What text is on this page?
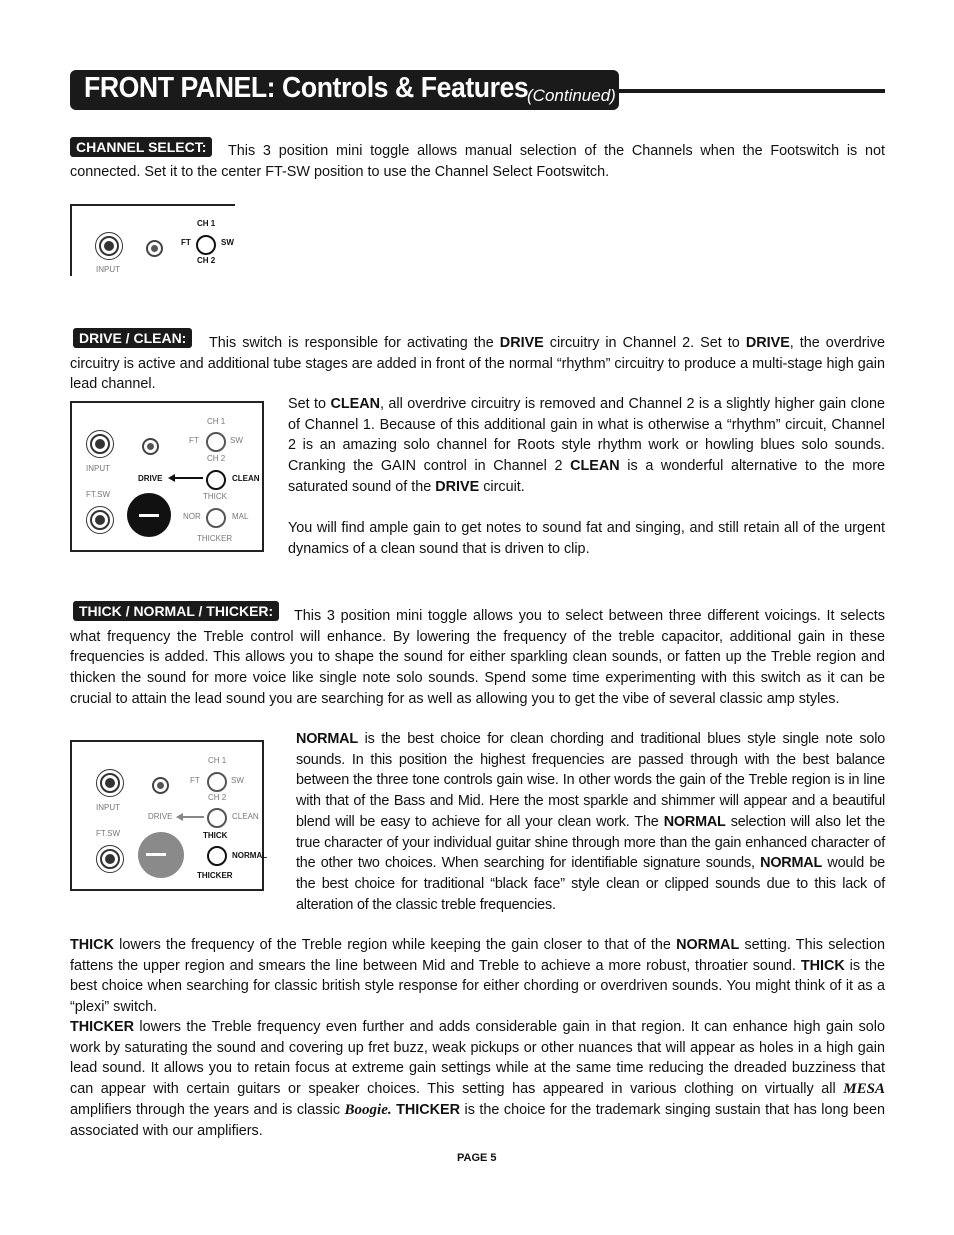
FRONT PANEL: Controls & Features
(Continued)
CHANNEL SELECT:	This 3 position mini toggle allows manual selection of the Channels when the Footswitch is not connected. Set it to the center FT-SW position to use the Channel Select Footswitch.
INPUT
CH 1
FT	SW
CH 2
DRIVE / CLEAN:	This switch is responsible for activating the DRIVE circuitry in Channel 2. Set to DRIVE, the overdrive circuitry is active and additional tube stages are added in front of the normal “rhythm” circuitry to produce a multi-stage high gain lead channel.
Set to CLEAN, all overdrive circuitry is removed and Channel 2 is a slightly higher gain clone of Channel 1. Because of this additional gain in what is otherwise a “rhythm” circuit, Channel 2 is an amazing solo channel for Roots style rhythm work or howling blues solo sounds. Cranking the GAIN control in Channel 2 CLEAN is a wonderful alternative to the more saturated sound of the DRIVE circuit.
You will find ample gain to get notes to sound fat and singing, and still retain all of the urgent dynamics of a clean sound that is driven to clip.
INPUT
FT.SW
CH 1
FT	SW
CH 2
DRIVE	CLEAN
THICK
NOR	MAL
THICKER
THICK / NORMAL / THICKER:	This 3 position mini toggle allows you to select between three different voicings. It selects what frequency the Treble control will enhance. By lowering the frequency of the treble capacitor, additional gain in these frequencies is added. This allows you to shape the sound for either sparkling clean sounds, or fatten up the Treble region and thicken the sound for more voice like single note solo sounds. Spend some time experimenting with this switch as it can be crucial to attain the lead sound you are searching for as well as allowing you to get the vibe of several classic amp styles.
NORMAL is the best choice for clean chording and traditional blues style single note solo sounds. In this position the highest frequencies are passed through with the best balance between the three tone controls gain wise. In other words the gain of the Treble region is in line with that of the Bass and Mid. Here the most sparkle and shimmer will appear and a beautiful blend will be easy to achieve for all your clean work. The NORMAL selection will also let the true character of your individual guitar shine through more than the gain enhanced character of the other two choices. When searching for identifiable signature sounds, NORMAL would be the best choice for traditional “black face” style clean or clipped sounds due to this lack of alteration of the classic treble frequencies.
INPUT
FT.SW
CH 1
FT	SW
CH 2
DRIVE	CLEAN
THICK
NORMAL
THICKER
THICK lowers the frequency of the Treble region while keeping the gain closer to that of the NORMAL setting. This selection fattens the upper region and smears the line between Mid and Treble to achieve a more robust, throatier sound. THICK is the best choice when searching for classic british style response for either chording or overdriven sounds. You might think of it as a “plexi” switch.
THICKER lowers the Treble frequency even further and adds considerable gain in that region. It can enhance high gain solo work by saturating the sound and covering up fret buzz, weak pickups or other nuances that will appear as holes in a high gain lead sound. It allows you to retain focus at extreme gain settings while at the same time reducing the dreaded buzziness that can appear with certain guitars or speaker choices. This setting has appeared in various clothing on virtually all MESA amplifiers through the years and is classic Boogie. THICKER is the choice for the trademark singing sustain that has long been associated with our amplifiers.
PAGE 5
